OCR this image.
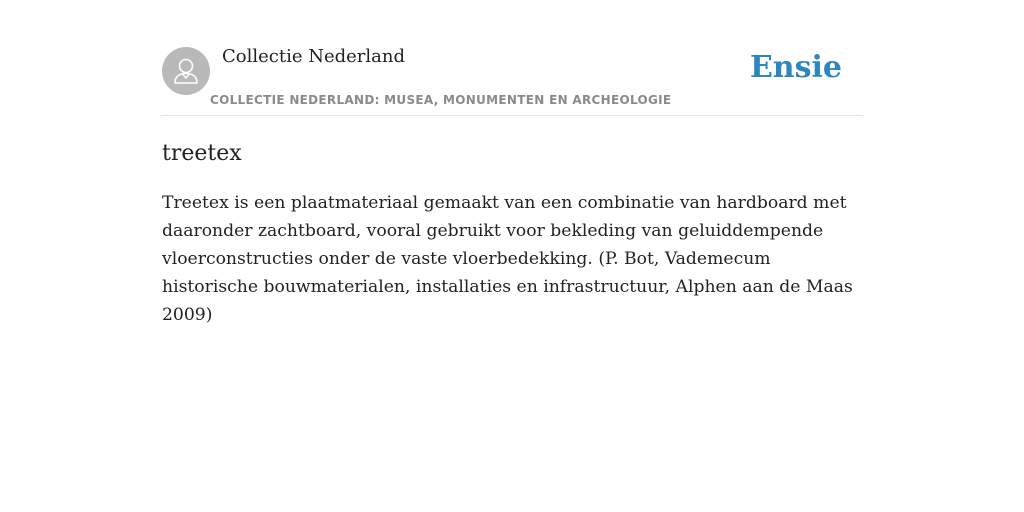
Collectie Nederland
COLLECTIE NEDERLAND: MUSEA, MONUMENTEN EN ARCHEOLOGIE
Ensie
treetex

Treetex is een plaatmateriaal gemaakt van een combinatie van hardboard met daaronder zachtboard, vooral gebruikt voor bekleding van geluiddempende vloerconstructies onder de vaste vloerbedekking. (P. Bot, Vademecum historische bouwmaterialen, installaties en infrastructuur, Alphen aan de Maas 2009)
